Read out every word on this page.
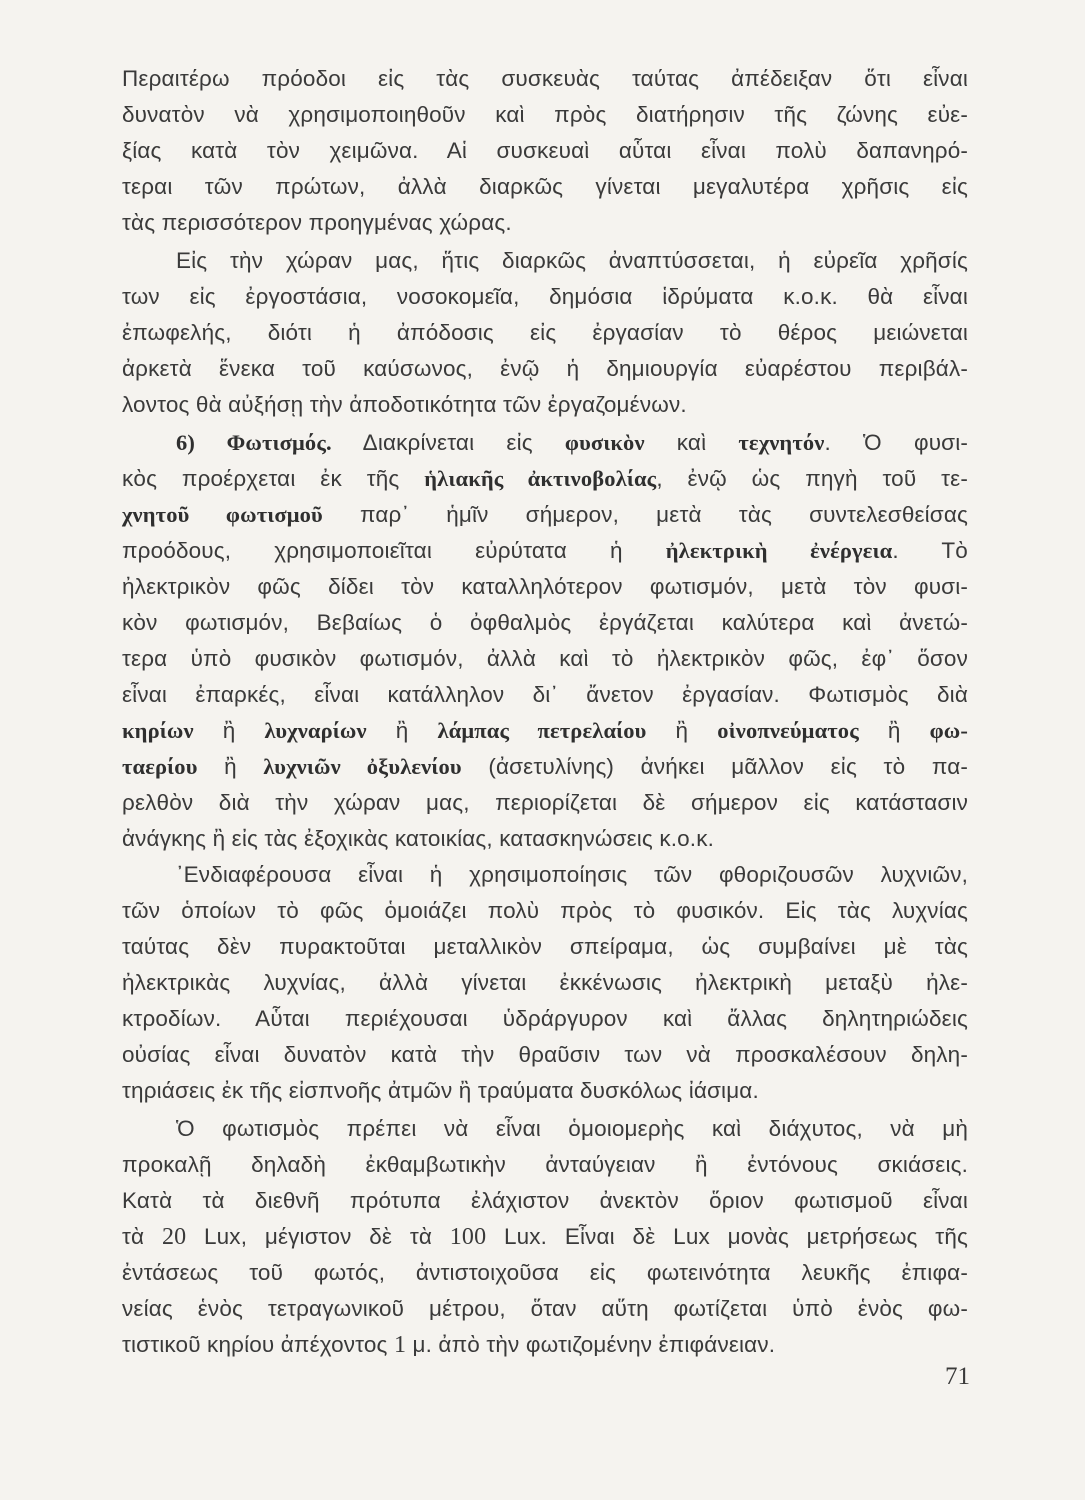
Περαιτέρω πρόοδοι εἰς τὰς συσκευὰς ταύτας ἀπέδειξαν ὅτι εἶναι
δυνατὸν νὰ χρησιμοποιηθοῦν καὶ πρὸς διατήρησιν τῆς ζώνης εὐε-
ξίας κατὰ τὸν χειμῶνα. Αἱ συσκευαὶ αὗται εἶναι πολὺ δαπανηρό-
τεραι τῶν πρώτων, ἀλλὰ διαρκῶς γίνεται μεγαλυτέρα χρῆσις εἰς
τὰς περισσότερον προηγμένας χώρας.
Εἰς τὴν χώραν μας, ἥτις διαρκῶς ἀναπτύσσεται, ἡ εὐρεῖα χρῆσίς
των εἰς ἐργοστάσια, νοσοκομεῖα, δημόσια ἱδρύματα κ.ο.κ. θὰ εἶναι
ἐπωφελής, διότι ἡ ἀπόδοσις εἰς ἐργασίαν τὸ θέρος μειώνεται
ἀρκετὰ ἕνεκα τοῦ καύσωνος, ἐνῷ ἡ δημιουργία εὐαρέστου περιβάλ-
λοντος θὰ αὐξήσῃ τὴν ἀποδοτικότητα τῶν ἐργαζομένων.
6) Φωτισμός. Διακρίνεται εἰς φυσικὸν καὶ τεχνητόν. Ὁ φυσι-
κὸς προέρχεται ἐκ τῆς ἡλιακῆς ἀκτινοβολίας, ἐνῷ ὡς πηγὴ τοῦ τε-
χνητοῦ φωτισμοῦ παρ᾽ ἡμῖν σήμερον, μετὰ τὰς συντελεσθείσας
προόδους, χρησιμοποιεῖται εὐρύτατα ἡ ἠλεκτρικὴ ἐνέργεια. Τὸ
ἠλεκτρικὸν φῶς δίδει τὸν καταλληλότερον φωτισμόν, μετὰ τὸν φυσι-
κὸν φωτισμόν, Βεβαίως ὁ ὀφθαλμὸς ἐργάζεται καλύτερα καὶ ἀνετώ-
τερα ὑπὸ φυσικὸν φωτισμόν, ἀλλὰ καὶ τὸ ἠλεκτρικὸν φῶς, ἐφ᾽ ὅσον
εἶναι ἐπαρκές, εἶναι κατάλληλον δι᾽ ἄνετον ἐργασίαν. Φωτισμὸς διὰ
κηρίων ἢ λυχναρίων ἢ λάμπας πετρελαίου ἢ οἰνοπνεύματος ἢ φω-
ταερίου ἢ λυχνιῶν ὀξυλενίου (ἀσετυλίνης) ἀνήκει μᾶλλον εἰς τὸ πα-
ρελθὸν διὰ τὴν χώραν μας, περιορίζεται δὲ σήμερον εἰς κατάστασιν
ἀνάγκης ἢ εἰς τὰς ἐξοχικὰς κατοικίας, κατασκηνώσεις κ.ο.κ.
᾽Ενδιαφέρουσα εἶναι ἡ χρησιμοποίησις τῶν φθοριζουσῶν λυχνιῶν,
τῶν ὁποίων τὸ φῶς ὁμοιάζει πολὺ πρὸς τὸ φυσικόν. Εἰς τὰς λυχνίας
ταύτας δὲν πυρακτοῦται μεταλλικὸν σπείραμα, ὡς συμβαίνει μὲ τὰς
ἠλεκτρικὰς λυχνίας, ἀλλὰ γίνεται ἐκκένωσις ἠλεκτρικὴ μεταξὺ ἠλε-
κτροδίων. Αὗται περιέχουσαι ὑδράργυρον καὶ ἄλλας δηλητηριώδεις
οὐσίας εἶναι δυνατὸν κατὰ τὴν θραῦσιν των νὰ προσκαλέσουν δηλη-
τηριάσεις ἐκ τῆς εἰσπνοῆς ἀτμῶν ἢ τραύματα δυσκόλως ἰάσιμα.
Ὁ φωτισμὸς πρέπει νὰ εἶναι ὁμοιομερὴς καὶ διάχυτος, νὰ μὴ
προκαλῇ δηλαδὴ ἐκθαμβωτικὴν ἀνταύγειαν ἢ ἐντόνους σκιάσεις.
Κατὰ τὰ διεθνῆ πρότυπα ἐλάχιστον ἀνεκτὸν ὅριον φωτισμοῦ εἶναι
τὰ 20 Lux, μέγιστον δὲ τὰ 100 Lux. Εἶναι δὲ Lux μονὰς μετρήσεως τῆς
ἐντάσεως τοῦ φωτός, ἀντιστοιχοῦσα εἰς φωτεινότητα λευκῆς ἐπιφα-
νείας ἑνὸς τετραγωνικοῦ μέτρου, ὅταν αὕτη φωτίζεται ὑπὸ ἑνὸς φω-
τιστικοῦ κηρίου ἀπέχοντος 1 μ. ἀπὸ τὴν φωτιζομένην ἐπιφάνειαν.
71
